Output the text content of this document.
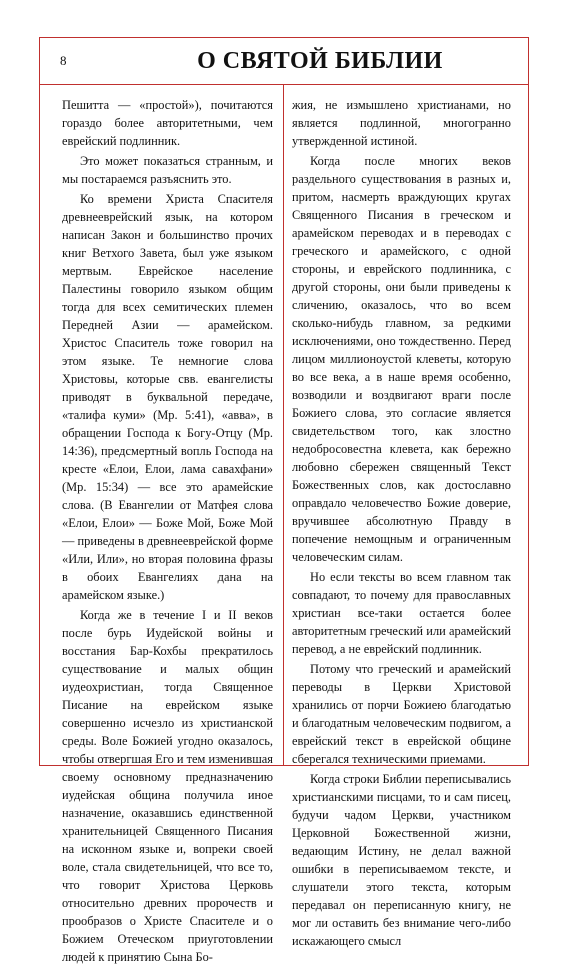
8	О СВЯТОЙ БИБЛИИ

Пешитта — «простой»), почитаются гораздо более авторитетными, чем еврейский подлинник.

Это может показаться странным, и мы постараемся разъяснить это.

Ко времени Христа Спасителя древнееврейский язык, на котором написан Закон и большинство прочих книг Ветхого Завета, был уже языком мертвым. Еврейское население Палестины говорило языком общим тогда для всех семитических племен Передней Азии — арамейском. Христос Спаситель тоже говорил на этом языке. Те немногие слова Христовы, которые свв. евангелисты приводят в буквальной передаче, «талифа куми» (Мр. 5:41), «авва», в обращении Господа к Богу-Отцу (Мр. 14:36), предсмертный вопль Господа на кресте «Елои, Елои, лама савахфани» (Мр. 15:34) — все это арамейские слова. (В Евангелии от Матфея слова «Елои, Елои» — Боже Мой, Боже Мой — приведены в древнееврейской форме «Или, Или», но вторая половина фразы в обоих Евангелиях дана на арамейском языке.)

Когда же в течение I и II веков после бурь Иудейской войны и восстания Бар-Кохбы прекратилось существование и малых общин иудеохристиан, тогда Священное Писание на еврейском языке совершенно исчезло из христианской среды. Воле Божией угодно оказалось, чтобы отвергшая Его и тем изменившая своему основному предназначению иудейская община получила иное назначение, оказавшись единственной хранительницей Священного Писания на исконном языке и, вопреки своей воле, стала свидетельницей, что все то, что говорит Христова Церковь относительно древних пророчеств и прообразов о Христе Спасителе и о Божием Отеческом приуготовлении людей к принятию Сына Бо-

жия, не измышлено христианами, но является подлинной, многогранно утвержденной истиной.

Когда после многих веков раздельного существования в разных и, притом, насмерть враждующих кругах Священного Писания в греческом и арамейском переводах и в переводах с греческого и арамейского, с одной стороны, и еврейского подлинника, с другой стороны, они были приведены к сличению, оказалось, что во всем сколько-нибудь главном, за редкими исключениями, оно тождественно. Перед лицом миллионоустой клеветы, которую во все века, а в наше время особенно, возводили и воздвигают враги после Божиего слова, это согласие является свидетельством того, как злостно недобросовестна клевета, как бережно любовно сбережен священный Текст Божественных слов, как достославно оправдало человечество Божие доверие, вручившее абсолютную Правду в попечение немощным и ограниченным человеческим силам.

Но если тексты во всем главном так совпадают, то почему для православных христиан все-таки остается более авторитетным греческий или арамейский перевод, а не еврейский подлинник.

Потому что греческий и арамейский переводы в Церкви Христовой хранились от порчи Божиею благодатью и благодатным человеческим подвигом, а еврейский текст в еврейской общине сберегался техническими приемами.

Когда строки Библии переписывались христианскими писцами, то и сам писец, будучи чадом Церкви, участником Церковной Божественной жизни, ведающим Истину, не делал важной ошибки в переписываемом тексте, и слушатели этого текста, которым передавал он переписанную книгу, не мог ли оставить без внимание чего-либо искажающего смысл
